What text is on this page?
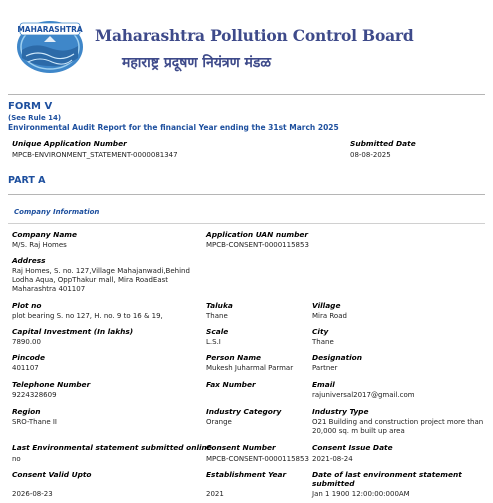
MAHARASHTRA Maharashtra Pollution Control Board
महाराष्ट्र प्रदूषण नियंत्रण मंडळ
FORM V
(See Rule 14)
Environmental Audit Report for the financial Year ending the 31st March 2025
Unique Application Number
MPCB-ENVIRONMENT_STATEMENT-0000081347
Submitted Date
08-08-2025
PART A
Company Information
Company Name
M/S. Raj Homes
Application UAN number
MPCB-CONSENT-0000115853
Address
Raj Homes, S. no. 127,Village Mahajanwadi,Behind Lodha Aqua, OppThakur mall, Mira RoadEast Maharashtra 401107
Plot no
plot bearing S. no 127, H. no. 9 to 16 & 19,
Taluka
Thane
Village
Mira Road
Capital Investment (In lakhs)
7890.00
Scale
L.S.I
City
Thane
Pincode
401107
Person Name
Mukesh Juharmal Parmar
Designation
Partner
Telephone Number
9224328609
Fax Number	Email
rajuniversal2017@gmail.com
Region
SRO-Thane II
Industry Category
Orange
Industry Type
O21 Building and construction project more than 20,000 sq. m built up area
Last Environmental statement submitted online
no
Consent Number
MPCB-CONSENT-0000115853
Consent Issue Date
2021-08-24
Consent Valid Upto
2026-08-23
Establishment Year
2021
Date of last environment statement submitted
Jan 1 1900 12:00:00:000AM
